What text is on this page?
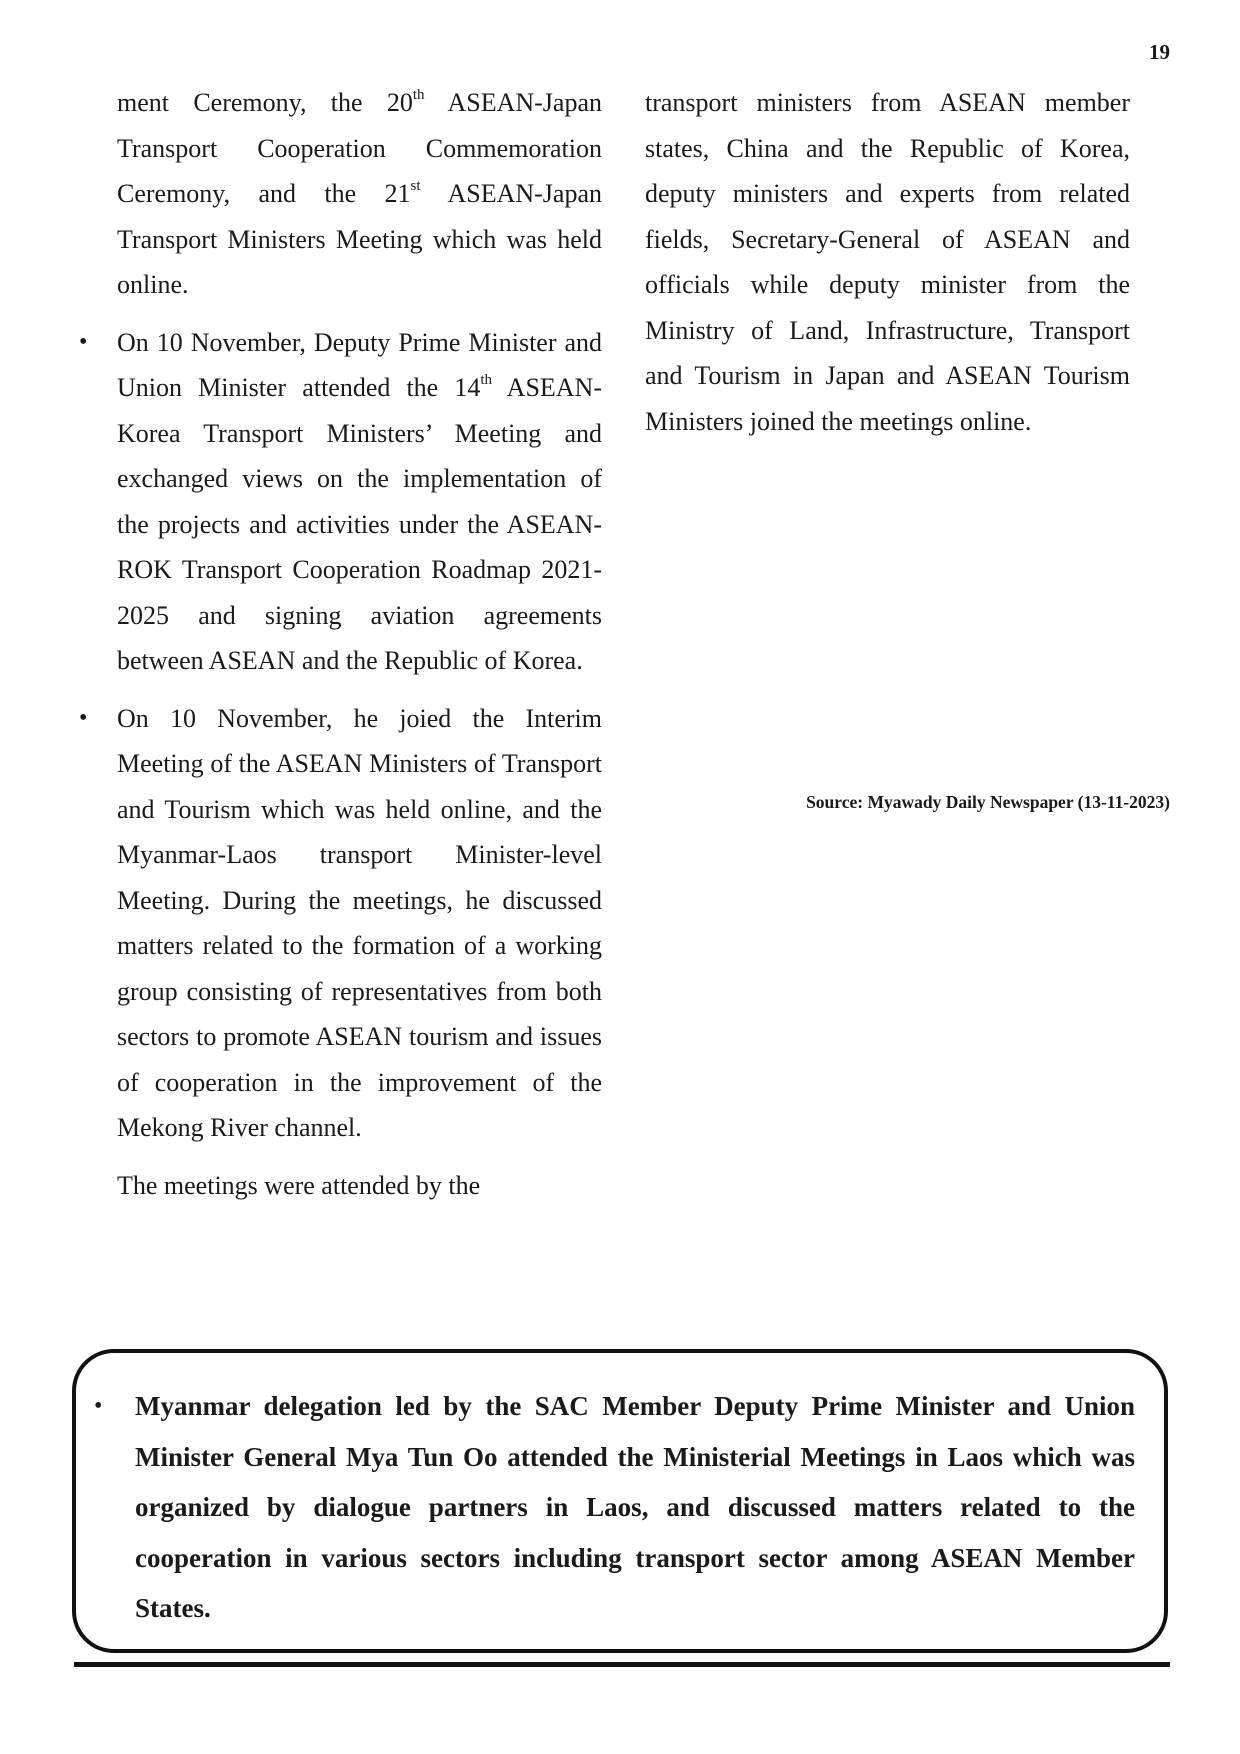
19

ment Ceremony, the 20th ASEAN-Japan Transport Cooperation Commemoration Ceremony, and the 21st ASEAN-Japan Transport Ministers Meeting which was held online.

• On 10 November, Deputy Prime Minister and Union Minister attended the 14th ASEAN-Korea Transport Ministers’ Meeting and exchanged views on the implementation of the projects and activities under the ASEAN-ROK Transport Cooperation Roadmap 2021-2025 and signing aviation agreements between ASEAN and the Republic of Korea.
• On 10 November, he joied the Interim Meeting of the ASEAN Ministers of Transport and Tourism which was held online, and the Myanmar-Laos transport Minister-level Meeting. During the meetings, he discussed matters related to the formation of a working group consisting of representatives from both sectors to promote ASEAN tourism and issues of cooperation in the improvement of the Mekong River channel.

The meetings were attended by the

transport ministers from ASEAN member states, China and the Republic of Korea, deputy ministers and experts from related fields, Secretary-General of ASEAN and officials while deputy minister from the Ministry of Land, Infrastructure, Transport and Tourism in Japan and ASEAN Tourism Ministers joined the meetings online.

Source: Myawady Daily Newspaper (13-11-2023)
• Myanmar delegation led by the SAC Member Deputy Prime Minister and Union Minister General Mya Tun Oo attended the Ministerial Meetings in Laos which was organized by dialogue partners in Laos, and discussed matters related to the cooperation in various sectors including transport sector among ASEAN Member States.
